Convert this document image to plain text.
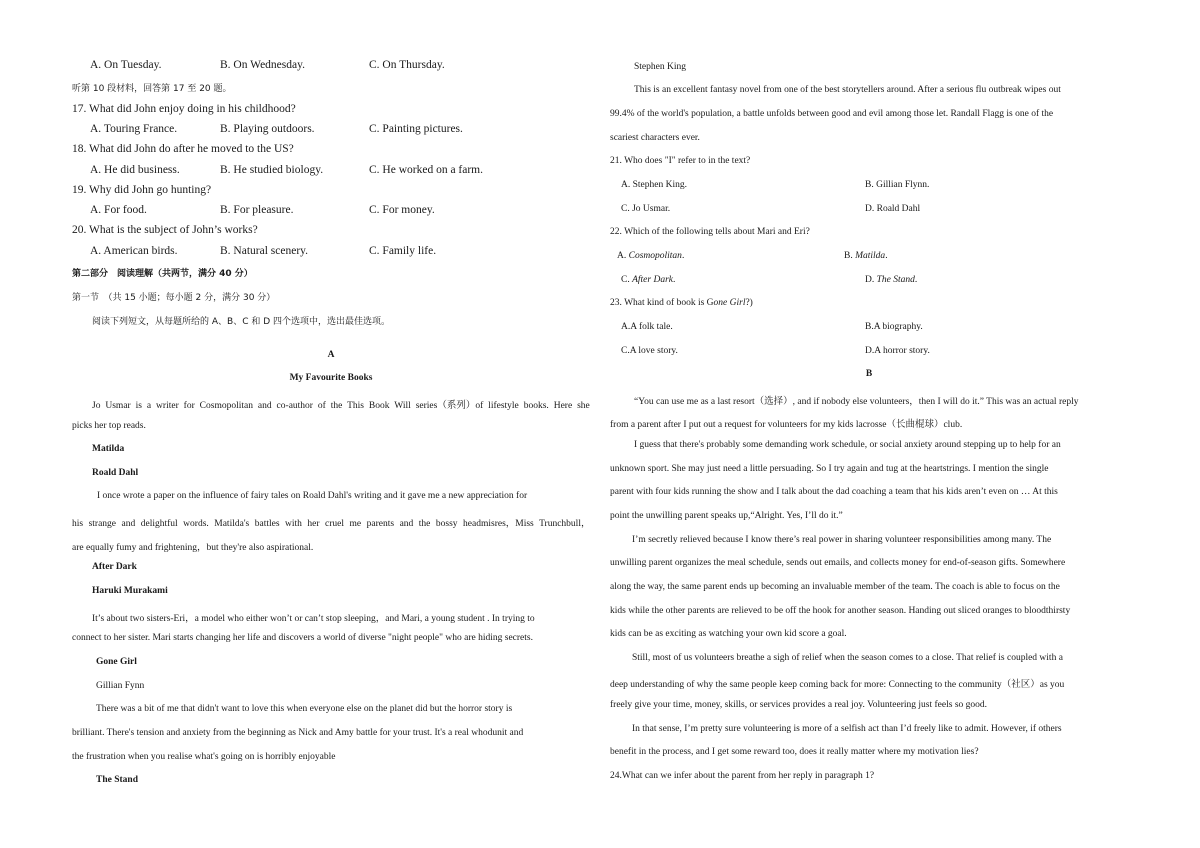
A. On Tuesday.	B. On Wednesday.	C. On Thursday.
听第 10 段材料，回答第 17 至 20 题。
17. What did John enjoy doing in his childhood?
A. Touring France.	B. Playing outdoors.	C. Painting pictures.
18. What did John do after he moved to the US?
A. He did business.	B. He studied biology.	C. He worked on a farm.
19. Why did John go hunting?
A. For food.	B. For pleasure.	C. For money.
20. What is the subject of John’s works?
A. American birds.	B. Natural scenery.	C. Family life.
第二部分　阅读理解（共两节，满分 40 分）
第一节　（共 15 小题；每小题 2 分，满分 30 分）
阅读下列短文，从每题所给的 A、B、C 和 D 四个选项中，选出最佳选项。
A
My Favourite Books
Jo Usmar is a writer for Cosmopolitan and co-author of the This Book Will series（系列）of lifestyle books. Here she
picks her top reads.
Matilda
Roald Dahl
I once wrote a paper on the influence of fairy tales on Roald Dahl's writing and it gave me a new appreciation for
his strange and delightful words. Matilda's battles with her cruel me parents and the bossy headmisres，Miss Trunchbull，
are equally fumy and frightening，but they're also aspirational.
After Dark
Haruki Murakami
It’s about two sisters-Eri，a model who either won’t or can’t stop sleeping，and Mari, a young student . In trying to
connect to her sister. Mari starts changing her life and discovers a world of diverse "night people" who are hiding secrets.
Gone Girl
Gillian Fynn
There was a bit of me that didn't want to love this when everyone else on the planet did but the horror story is
brilliant. There's tension and anxiety from the beginning as Nick and Amy battle for your trust. It's a real whodunit and
the frustration when you realise what's going on is horribly enjoyable
The Stand
Stephen King
This is an excellent fantasy novel from one of the best storytellers around. After a serious flu outbreak wipes out
99.4% of the world's population, a battle unfolds between good and evil among those let. Randall Flagg is one of the
scariest characters ever.
21. Who does "I" refer to in the text?
A. Stephen King.	B. Gillian Flynn.
C. Jo Usmar.	D. Roald Dahl
22. Which of the following tells about Mari and Eri?
A. Cosmopolitan.	B. Matilda.
C. After Dark.	D. The Stand.
23. What kind of book is Gone Girl?)
A.A folk tale.	B.A biography.
C.A love story.	D.A horror story.
B
“You can use me as a last resort（选择）, and if nobody else volunteers，then I will do it.” This was an actual reply
from a parent after I put out a request for volunteers for my kids lacrosse（长曲棍球）club.
I guess that there's probably some demanding work schedule, or social anxiety around stepping up to help for an
unknown sport. She may just need a little persuading. So I try again and tug at the heartstrings. I mention the single
parent with four kids running the show and I talk about the dad coaching a team that his kids aren’t even on … At this
point the unwilling parent speaks up,“Alright. Yes, I’ll do it.”
I’m secretly relieved because I know there’s real power in sharing volunteer responsibilities among many. The
unwilling parent organizes the meal schedule, sends out emails, and collects money for end-of-season gifts. Somewhere
along the way, the same parent ends up becoming an invaluable member of the team. The coach is able to focus on the
kids while the other parents are relieved to be off the hook for another season. Handing out sliced oranges to bloodthirsty
kids can be as exciting as watching your own kid score a goal.
Still, most of us volunteers breathe a sigh of relief when the season comes to a close. That relief is coupled with a
deep understanding of why the same people keep coming back for more: Connecting to the community（社区）as you
freely give your time, money, skills, or services provides a real joy. Volunteering just feels so good.
In that sense, I’m pretty sure volunteering is more of a selfish act than I’d freely like to admit. However, if others
benefit in the process, and I get some reward too, does it really matter where my motivation lies?
24.What can we infer about the parent from her reply in paragraph 1?
